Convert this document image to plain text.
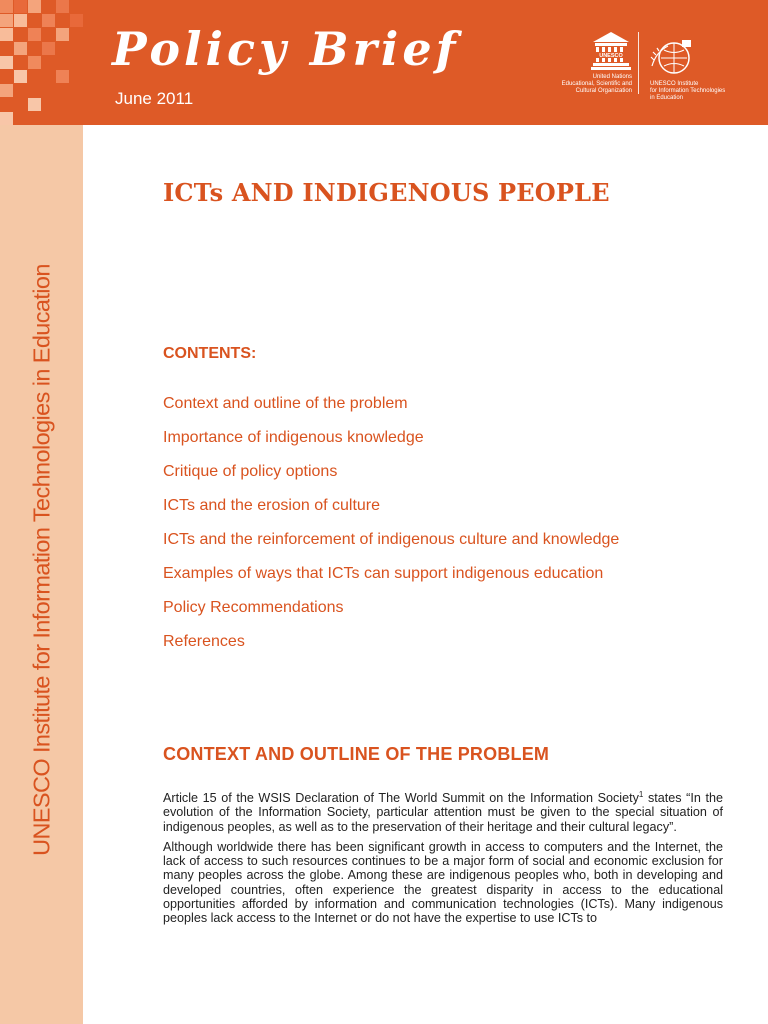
Policy Brief
June 2011
UNESCO
United Nations
Educational, Scientific and
Cultural Organization
UNESCO Institute
for Information Technologies
in Education
UNESCO Institute for Information Technologies in Education
ICTs AND INDIGENOUS PEOPLE
CONTENTS:
Context and outline of the problem
Importance of indigenous knowledge
Critique of policy options
ICTs and the erosion of culture
ICTs and the reinforcement of indigenous culture and knowledge
Examples of ways that ICTs can support indigenous education
Policy Recommendations
References
CONTEXT AND OUTLINE OF THE PROBLEM

Article 15 of the WSIS Declaration of The World Summit on the Information Society$^1$ states “In the evolution of the Information Society, particular attention must be given to the special situation of indigenous peoples, as well as to the preservation of their heritage and their cultural legacy”.

Although worldwide there has been significant growth in access to computers and the Internet, the lack of access to such resources continues to be a major form of social and economic exclusion for many peoples across the globe. Among these are indigenous peoples who, both in developing and developed countries, often experience the greatest disparity in access to the educational opportunities afforded by information and communication technologies (ICTs). Many indigenous peoples lack access to the Internet or do not have the expertise to use ICTs to
